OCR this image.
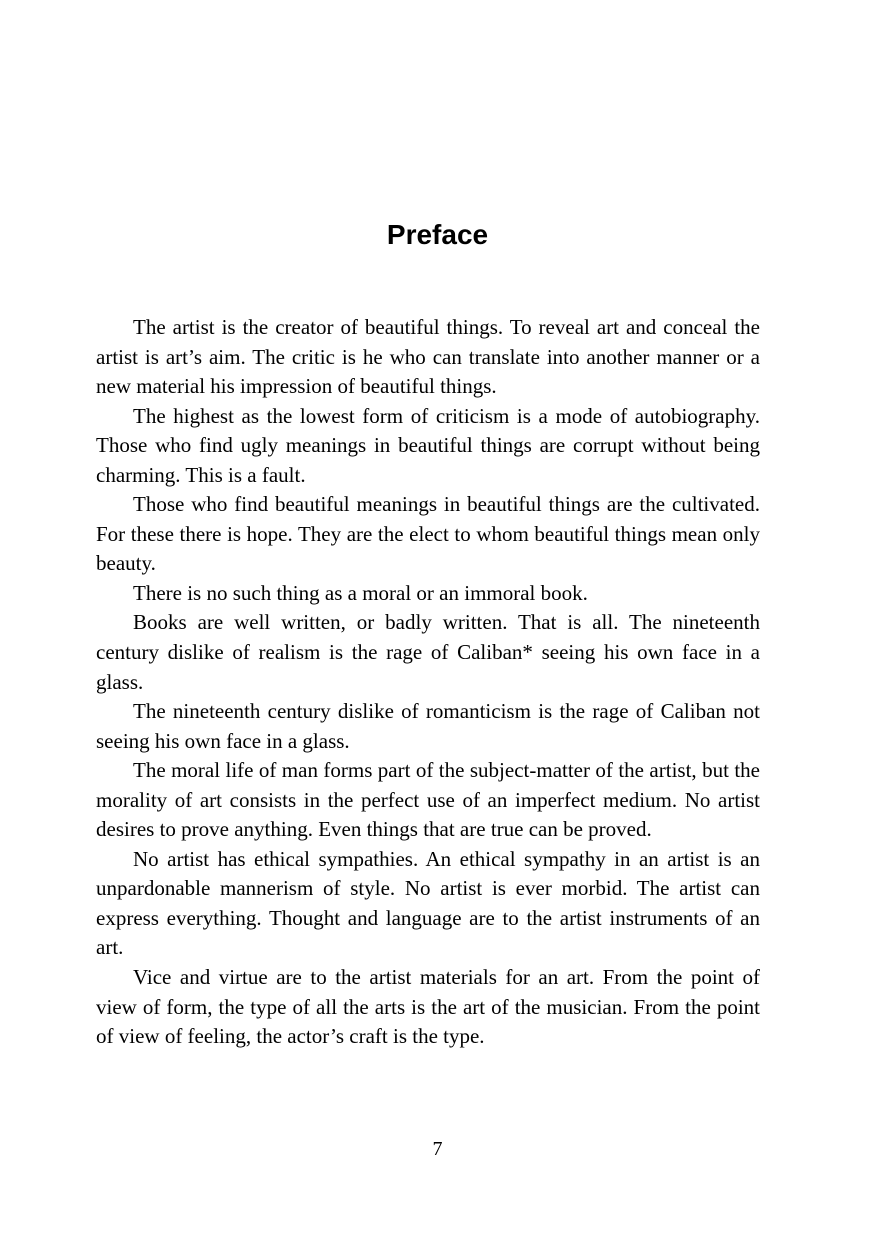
Preface

The artist is the creator of beautiful things. To reveal art and conceal the artist is art’s aim. The critic is he who can translate into another manner or a new material his impression of beautiful things.

The highest as the lowest form of criticism is a mode of autobiography. Those who find ugly meanings in beautiful things are corrupt without being charming. This is a fault.

Those who find beautiful meanings in beautiful things are the cultivated. For these there is hope. They are the elect to whom beautiful things mean only beauty.

There is no such thing as a moral or an immoral book.

Books are well written, or badly written. That is all. The nineteenth century dislike of realism is the rage of Caliban* seeing his own face in a glass.

The nineteenth century dislike of romanticism is the rage of Caliban not seeing his own face in a glass.

The moral life of man forms part of the subject-matter of the artist, but the morality of art consists in the perfect use of an imperfect medium. No artist desires to prove anything. Even things that are true can be proved.

No artist has ethical sympathies. An ethical sympathy in an artist is an unpardonable mannerism of style. No artist is ever morbid. The artist can express everything. Thought and language are to the artist instruments of an art.

Vice and virtue are to the artist materials for an art. From the point of view of form, the type of all the arts is the art of the musician. From the point of view of feeling, the actor’s craft is the type.

7
